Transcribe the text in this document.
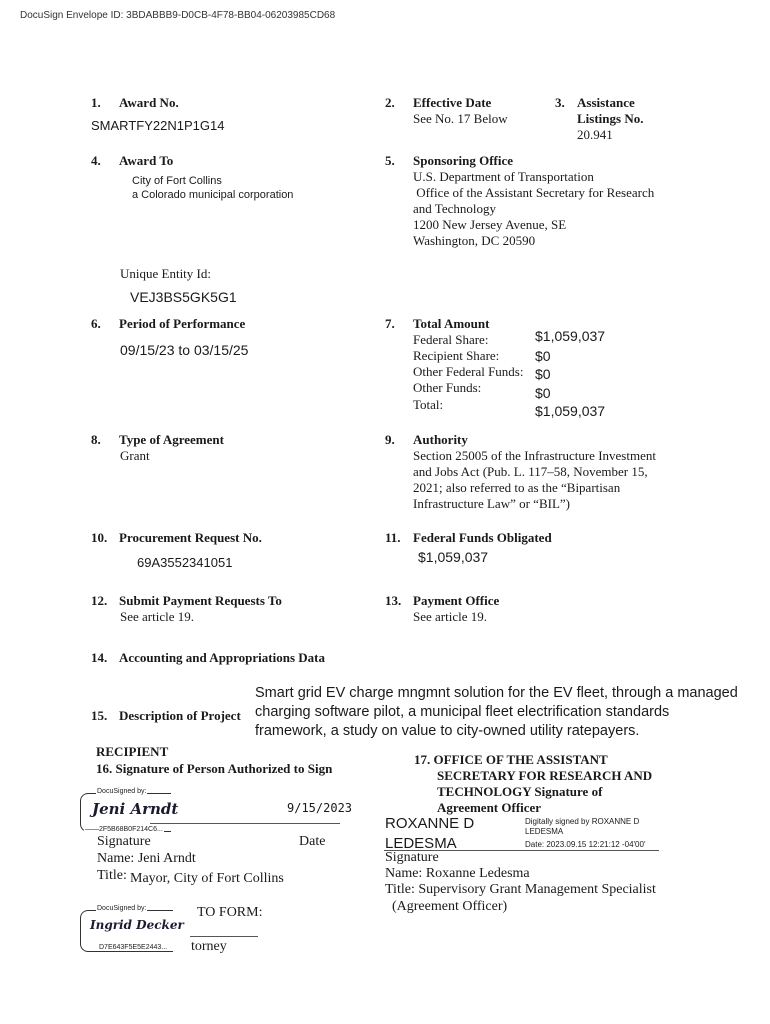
DocuSign Envelope ID: 3BDABBB9-D0CB-4F78-BB04-06203985CD68
1. Award No.
SMARTFY22N1P1G14
2. Effective Date
See No. 17 Below
3. Assistance
Listings No.
20.941
4. Award To
City of Fort Collins
a Colorado municipal corporation
Unique Entity Id:
VEJ3BS5GK5G1
5. Sponsoring Office
U.S. Department of Transportation
Office of the Assistant Secretary for Research
and Technology
1200 New Jersey Avenue, SE
Washington, DC 20590
6. Period of Performance
09/15/23 to 03/15/25
7. Total Amount
Federal Share:	$1,059,037
Recipient Share:	$0
Other Federal Funds: $0
Other Funds:	$0
Total:	$1,059,037
8. Type of Agreement
Grant
9. Authority
Section 25005 of the Infrastructure Investment
and Jobs Act (Pub. L. 117–58, November 15,
2021; also referred to as the “Bipartisan
Infrastructure Law” or “BIL”)
10. Procurement Request No.
69A3552341051
11. Federal Funds Obligated
$1,059,037
12. Submit Payment Requests To
See article 19.
13. Payment Office
See article 19.
14. Accounting and Appropriations Data
15. Description of Project
Smart grid EV charge mngmnt solution for the EV fleet, through a managed
charging software pilot, a municipal fleet electrification standards
framework, a study on value to city-owned utility ratepayers.
RECIPIENT
16. Signature of Person Authorized to Sign
DocuSigned by:
Jeni Arndt
——2F5B68B0F214C6...
9/15/2023
Signature	Date
Name: Jeni Arndt
Title: Mayor, City of Fort Collins
DocuSigned by:
Ingrid Decker
D7E643F5E5E2443...
TO FORM:
torney
17. OFFICE OF THE ASSISTANT
SECRETARY FOR RESEARCH AND
TECHNOLOGY Signature of
Agreement Officer
ROXANNE D
LEDESMA
Digitally signed by ROXANNE D
LEDESMA
Date: 2023.09.15 12:21:12 -04'00'
Signature
Name: Roxanne Ledesma
Title: Supervisory Grant Management Specialist
(Agreement Officer)
